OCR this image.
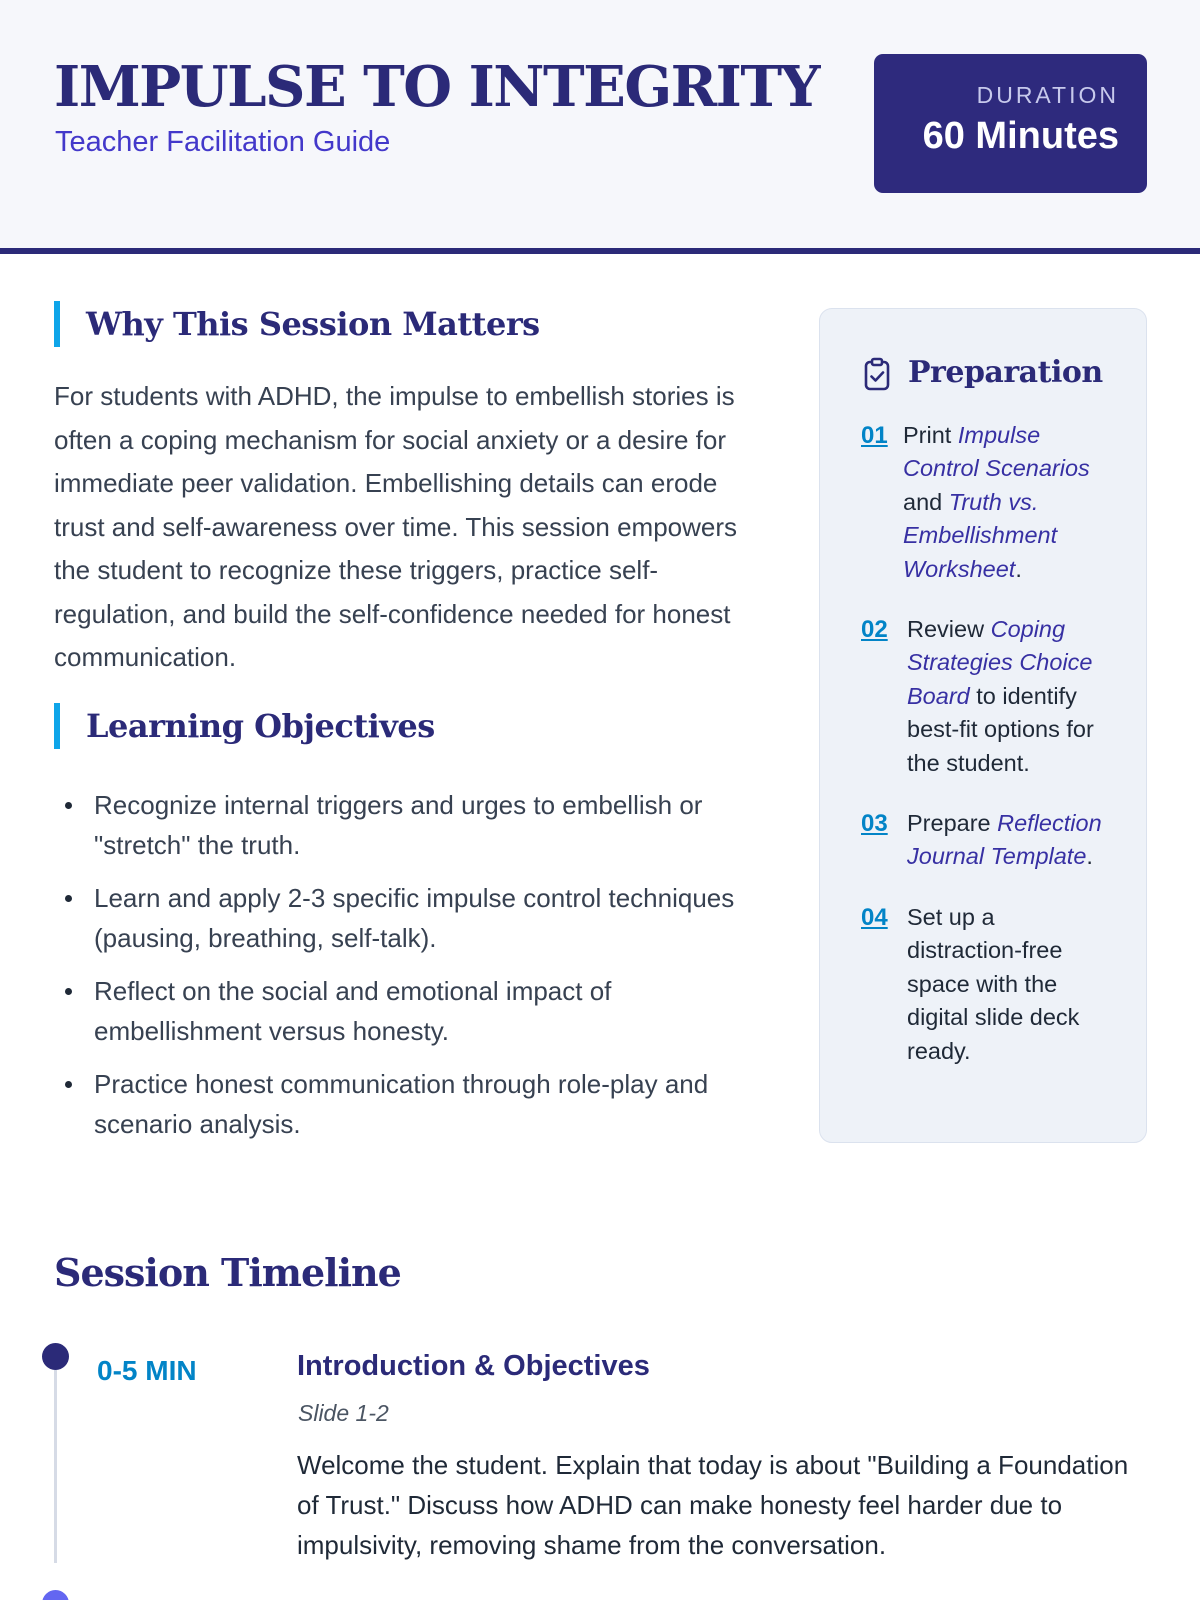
IMPULSE TO INTEGRITY
Teacher Facilitation Guide
DURATION
60 Minutes
Why This Session Matters

For students with ADHD, the impulse to embellish stories is often a coping mechanism for social anxiety or a desire for immediate peer validation. Embellishing details can erode trust and self-awareness over time. This session empowers the student to recognize these triggers, practice self-regulation, and build the self-confidence needed for honest communication.

Learning Objectives
Recognize internal triggers and urges to embellish or "stretch" the truth.
Learn and apply 2-3 specific impulse control techniques (pausing, breathing, self-talk).
Reflect on the social and emotional impact of embellishment versus honesty.
Practice honest communication through role-play and scenario analysis.
Preparation
01 Print Impulse Control Scenarios and Truth vs. Embellishment Worksheet.
02 Review Coping Strategies Choice Board to identify best-fit options for the student.
03 Prepare Reflection Journal Template.
04 Set up a distraction-free space with the digital slide deck ready.
Session Timeline
0-5 MIN	Introduction & Objectives
Slide 1-2

Welcome the student. Explain that today is about "Building a Foundation of Trust." Discuss how ADHD can make honesty feel harder due to impulsivity, removing shame from the conversation.
